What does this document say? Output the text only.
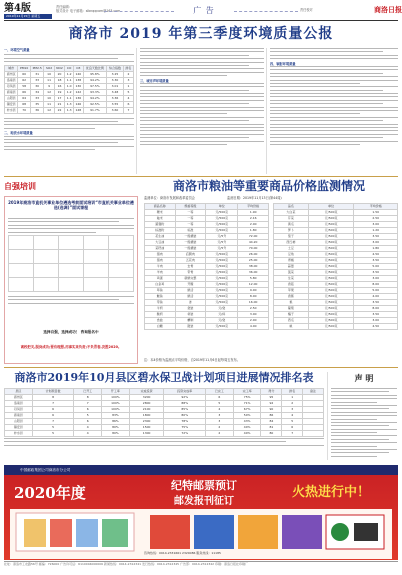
第4版
2019年11月15日 星期五
责任编辑：
版式设计 电子邮箱：slbnqqcom@163.com	广 告	责任校对	商洛日报
商洛市 2019 年第三季度环境质量公报
一、环境空气质量
城市	PM10	PM2.5	SO2	NO2	CO	O3	优良天数比例	综合指数	排名
商州区	60	31	10	20	1.2	140	95.8%	3.25	2
洛南县	62	33	11	18	1.1	138	94.2%	3.30	3
丹凤县	58	30	9	16	1.0	130	97.5%	3.01	1
商南县	66	34	12	19	1.2	142	93.3%	3.48	5
山阳县	64	33	10	17	1.1	136	94.2%	3.36	4
镇安县	68	35	11	21	1.3	146	92.5%	3.55	6
柞水县	70	36	12	22	1.3	148	91.7%	3.60	7
二、地表水环境质量
三、城市声环境质量
四、辐射环境质量
自强培训
2019年商洛市直机关事业单位遴选考前面试培训“市直机关事业单位遴选(选调)”面试课程

选择自强，选择成功！ 咨询报名中
离校把关,脱岗成功;要有理想,用事实来负责;不负青春,决胜2020。
商洛市粮油等重要商品价格监测情况
监测单位：商洛市发展和改革委员会	监测日期：2019年11月13日(第44周)
商品名称	规格等级	单位	平均价格
粳米	一等	元/500克	1.90
籼米	一等	元/500克	2.16
富强粉	一等	元/500克	2.00
标准粉	标准	元/500克	1.80
花生油	一级桶装	元/5升	72.00
大豆油	一级桶装	元/5升	44.20
菜籽油	一级桶装	元/5升	70.00
猪肉	后腿肉	元/500克	26.00
猪肉	五花肉	元/500克	25.00
牛肉	去骨	元/500克	38.00
羊肉	带骨	元/500克	36.00
鸡蛋	新鲜完整	元/500克	5.80
白条鸡	开膛	元/500克	12.00
草鱼	鲜活	元/500克	9.00
鲤鱼	鲜活	元/500克	8.00
带鱼	冻	元/500克	16.00
牛奶	袋装	元/袋	2.50
酸奶	杯装	元/杯	3.00
食盐	精制	元/袋	2.00
白糖	散装	元/500克	4.00
品名	单位	平均价格
大白菜	元/500克	1.50
芹菜	元/500克	2.50
黄瓜	元/500克	3.00
萝卜	元/500克	1.20
茄子	元/500克	3.50
西红柿	元/500克	3.00
土豆	元/500克	1.80
豆角	元/500克	4.50
青椒	元/500克	3.50
蒜薹	元/500克	5.00
菠菜	元/500克	3.50
生菜	元/500克	3.00
香菇	元/500克	8.00
苹果	元/500克	5.00
香蕉	元/500克	4.00
梨	元/500克	3.50
葡萄	元/500克	8.00
橘子	元/500克	3.50
西瓜	元/500克	3.00
桃	元/500克	4.50
注：本4价格为监测点平均价格，自2019年11月6日起每周五发布。
商洛市2019年10月县区碧水保卫战计划项目进展情况排名表
县区	计划项目数	已开工	开工率	完成投资	投资完成率	已完工	完工率	得分	排名	备注
商州区	8	8	100%	3200	92%	6	75%	95	1	
洛南县	7	7	100%	2800	88%	5	71%	92	2	
丹凤县	6	6	100%	2100	85%	4	67%	90	3	
商南县	6	5	83%	1800	80%	3	50%	86	4	
山阳县	7	6	86%	2300	78%	3	43%	84	5	
镇安县	5	4	80%	1500	75%	2	40%	81	6	
柞水县	5	4	80%	1300	72%	2	40%	80	7	
声 明
中国邮政集团公司商洛市分公司
2020年度	纪特邮票预订
邮发报刊征订
火热进行中！
咨询热线：0914-2331661 2320086 服务热线：11185
社址：商洛市工农路56号 邮编：726000 广告许可证：6110004000006 新闻热线：0914-2312341 发行热线：0914-2312345 广告部：0914-2312342 印刷：商洛日报社印刷厂
